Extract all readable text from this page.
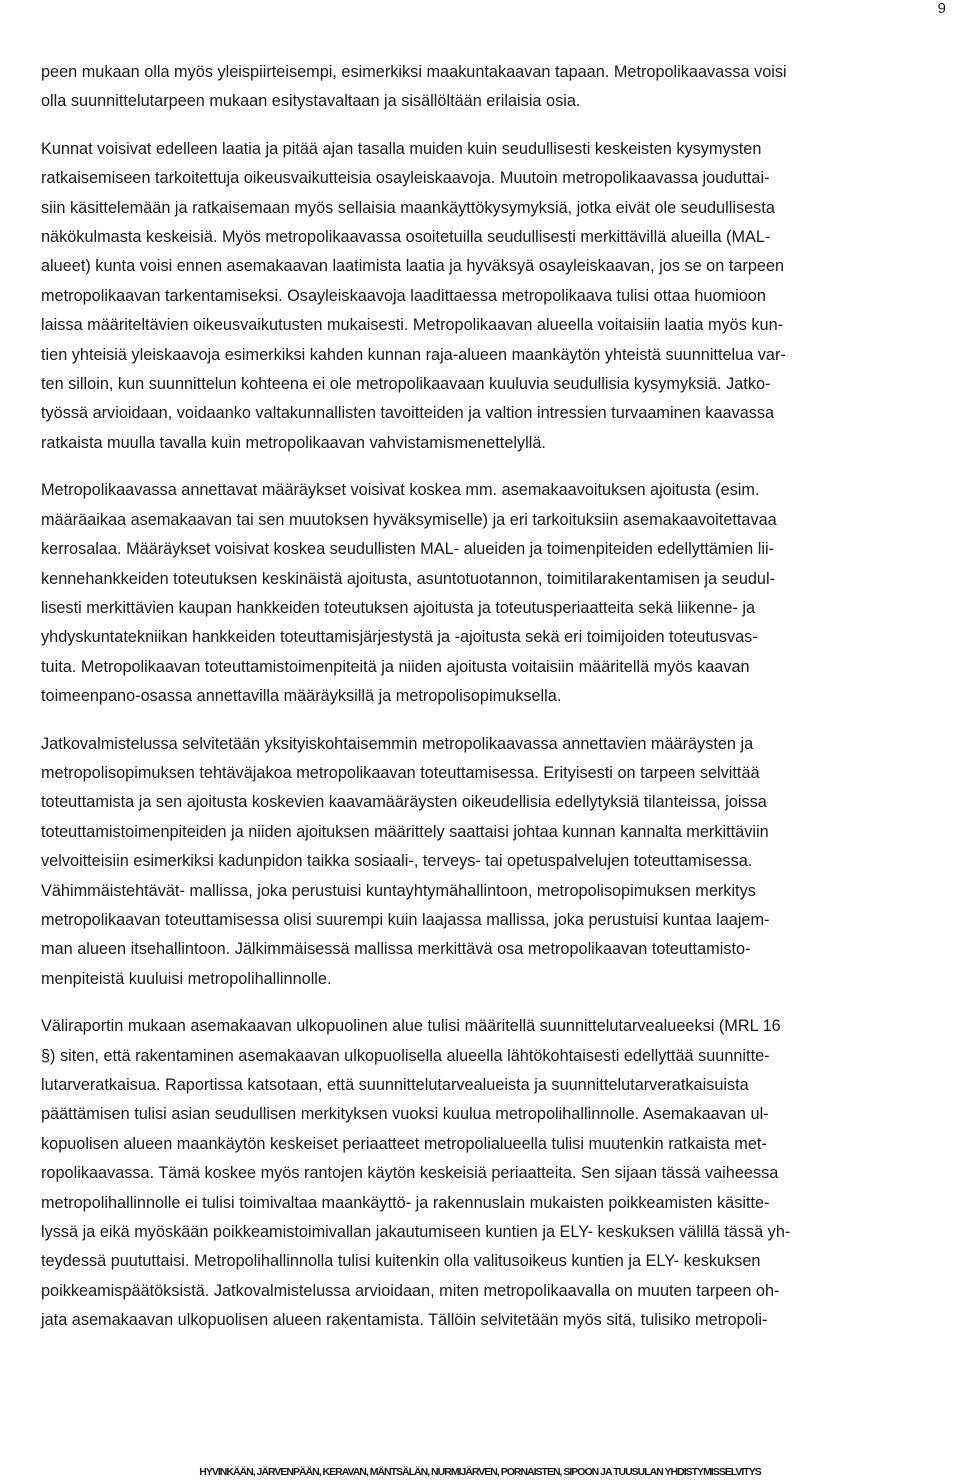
9

peen mukaan olla myös yleispiirteisempi, esimerkiksi maakuntakaavan tapaan. Metropolikaavassa voisi
olla suunnittelutarpeen mukaan esitystavaltaan ja sisällöltään erilaisia osia.

Kunnat voisivat edelleen laatia ja pitää ajan tasalla muiden kuin seudullisesti keskeisten kysymysten
ratkaisemiseen tarkoitettuja oikeusvaikutteisia osayleiskaavoja. Muutoin metropolikaavassa jouduttai-
siin käsittelemään ja ratkaisemaan myös sellaisia maankäyttökysymyksiä, jotka eivät ole seudullisesta
näkökulmasta keskeisiä. Myös metropolikaavassa osoitetuilla seudullisesti merkittävillä alueilla (MAL-
alueet) kunta voisi ennen asemakaavan laatimista laatia ja hyväksyä osayleiskaavan, jos se on tarpeen
metropolikaavan tarkentamiseksi. Osayleiskaavoja laadittaessa metropolikaava tulisi ottaa huomioon
laissa määriteltävien oikeusvaikutusten mukaisesti. Metropolikaavan alueella voitaisiin laatia myös kun-
tien yhteisiä yleiskaavoja esimerkiksi kahden kunnan raja-alueen maankäytön yhteistä suunnittelua var-
ten silloin, kun suunnittelun kohteena ei ole metropolikaavaan kuuluvia seudullisia kysymyksiä. Jatko-
työssä arvioidaan, voidaanko valtakunnallisten tavoitteiden ja valtion intressien turvaaminen kaavassa
ratkaista muulla tavalla kuin metropolikaavan vahvistamismenettelyllä.

Metropolikaavassa annettavat määräykset voisivat koskea mm. asemakaavoituksen ajoitusta (esim.
määräaikaa asemakaavan tai sen muutoksen hyväksymiselle) ja eri tarkoituksiin asemakaavoitettavaa
kerrosalaa. Määräykset voisivat koskea seudullisten MAL- alueiden ja toimenpiteiden edellyttämien lii-
kennehankkeiden toteutuksen keskinäistä ajoitusta, asuntotuotannon, toimitilarakentamisen ja seudul-
lisesti merkittävien kaupan hankkeiden toteutuksen ajoitusta ja toteutusperiaatteita sekä liikenne- ja
yhdyskuntatekniikan hankkeiden toteuttamisjärjestystä ja -ajoitusta sekä eri toimijoiden toteutusvas-
tuita. Metropolikaavan toteuttamistoimenpiteitä ja niiden ajoitusta voitaisiin määritellä myös kaavan
toimeenpano-osassa annettavilla määräyksillä ja metropolisopimuksella.

Jatkovalmistelussa selvitetään yksityiskohtaisemmin metropolikaavassa annettavien määräysten ja
metropolisopimuksen tehtäväjakoa metropolikaavan toteuttamisessa. Erityisesti on tarpeen selvittää
toteuttamista ja sen ajoitusta koskevien kaavamääräysten oikeudellisia edellytyksiä tilanteissa, joissa
toteuttamistoimenpiteiden ja niiden ajoituksen määrittely saattaisi johtaa kunnan kannalta merkittäviin
velvoitteisiin esimerkiksi kadunpidon taikka sosiaali-, terveys- tai opetuspalvelujen toteuttamisessa.
Vähimmäistehtävät- mallissa, joka perustuisi kuntayhtymähallintoon, metropolisopimuksen merkitys
metropolikaavan toteuttamisessa olisi suurempi kuin laajassa mallissa, joka perustuisi kuntaa laajem-
man alueen itsehallintoon. Jälkimmäisessä mallissa merkittävä osa metropolikaavan toteuttamisto-
menpiteistä kuuluisi metropolihallinnolle.

Väliraportin mukaan asemakaavan ulkopuolinen alue tulisi määritellä suunnittelutarvealueeksi (MRL 16
§) siten, että rakentaminen asemakaavan ulkopuolisella alueella lähtökohtaisesti edellyttää suunnitte-
lutarveratkaisua. Raportissa katsotaan, että suunnittelutarvealueista ja suunnittelutarveratkaisuista
päättämisen tulisi asian seudullisen merkityksen vuoksi kuulua metropolihallinnolle. Asemakaavan ul-
kopuolisen alueen maankäytön keskeiset periaatteet metropolialueella tulisi muutenkin ratkaista met-
ropolikaavassa. Tämä koskee myös rantojen käytön keskeisiä periaatteita. Sen sijaan tässä vaiheessa
metropolihallinnolle ei tulisi toimivaltaa maankäyttö- ja rakennuslain mukaisten poikkeamisten käsitte-
lyssä ja eikä myöskään poikkeamistoimivallan jakautumiseen kuntien ja ELY- keskuksen välillä tässä yh-
teydessä puututtaisi. Metropolihallinnolla tulisi kuitenkin olla valitusoikeus kuntien ja ELY- keskuksen
poikkeamispäätöksistä. Jatkovalmistelussa arvioidaan, miten metropolikaavalla on muuten tarpeen oh-
jata asemakaavan ulkopuolisen alueen rakentamista. Tällöin selvitetään myös sitä, tulisiko metropoli-

HYVINKÄÄN, JÄRVENPÄÄN, KERAVAN, MÄNTSÄLÄN, NURMIJÄRVEN, PORNAISTEN, SIPOON JA TUUSULAN YHDISTYMISSELVITYS
